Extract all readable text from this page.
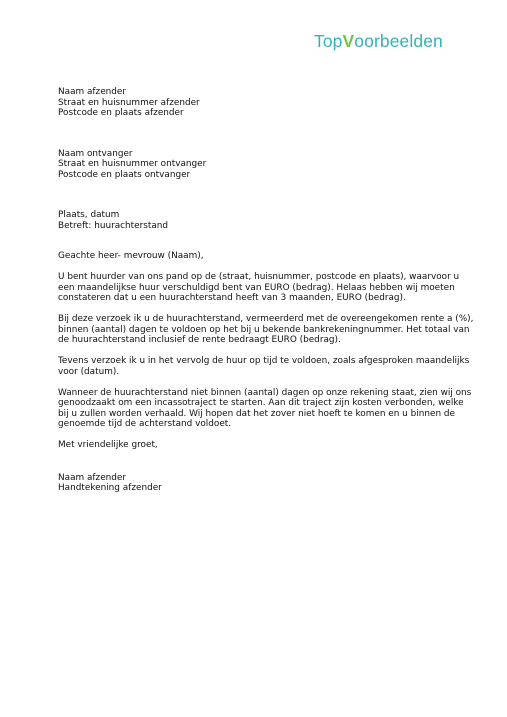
TopVoorbeelden
Naam afzender
Straat en huisnummer afzender
Postcode en plaats afzender
Naam ontvanger
Straat en huisnummer ontvanger
Postcode en plaats ontvanger
Plaats, datum
Betreft: huurachterstand
Geachte heer- mevrouw (Naam),
U bent huurder van ons pand op de (straat, huisnummer, postcode en plaats), waarvoor u
een maandelijkse huur verschuldigd bent van EURO (bedrag). Helaas hebben wij moeten
constateren dat u een huurachterstand heeft van 3 maanden, EURO (bedrag).
Bij deze verzoek ik u de huurachterstand, vermeerderd met de overeengekomen rente a (%),
binnen (aantal) dagen te voldoen op het bij u bekende bankrekeningnummer. Het totaal van
de huurachterstand inclusief de rente bedraagt EURO (bedrag).
Tevens verzoek ik u in het vervolg de huur op tijd te voldoen, zoals afgesproken maandelijks
voor (datum).
Wanneer de huurachterstand niet binnen (aantal) dagen op onze rekening staat, zien wij ons
genoodzaakt om een incassotraject te starten. Aan dit traject zijn kosten verbonden, welke
bij u zullen worden verhaald. Wij hopen dat het zover niet hoeft te komen en u binnen de
genoemde tijd de achterstand voldoet.
Met vriendelijke groet,
Naam afzender
Handtekening afzender
